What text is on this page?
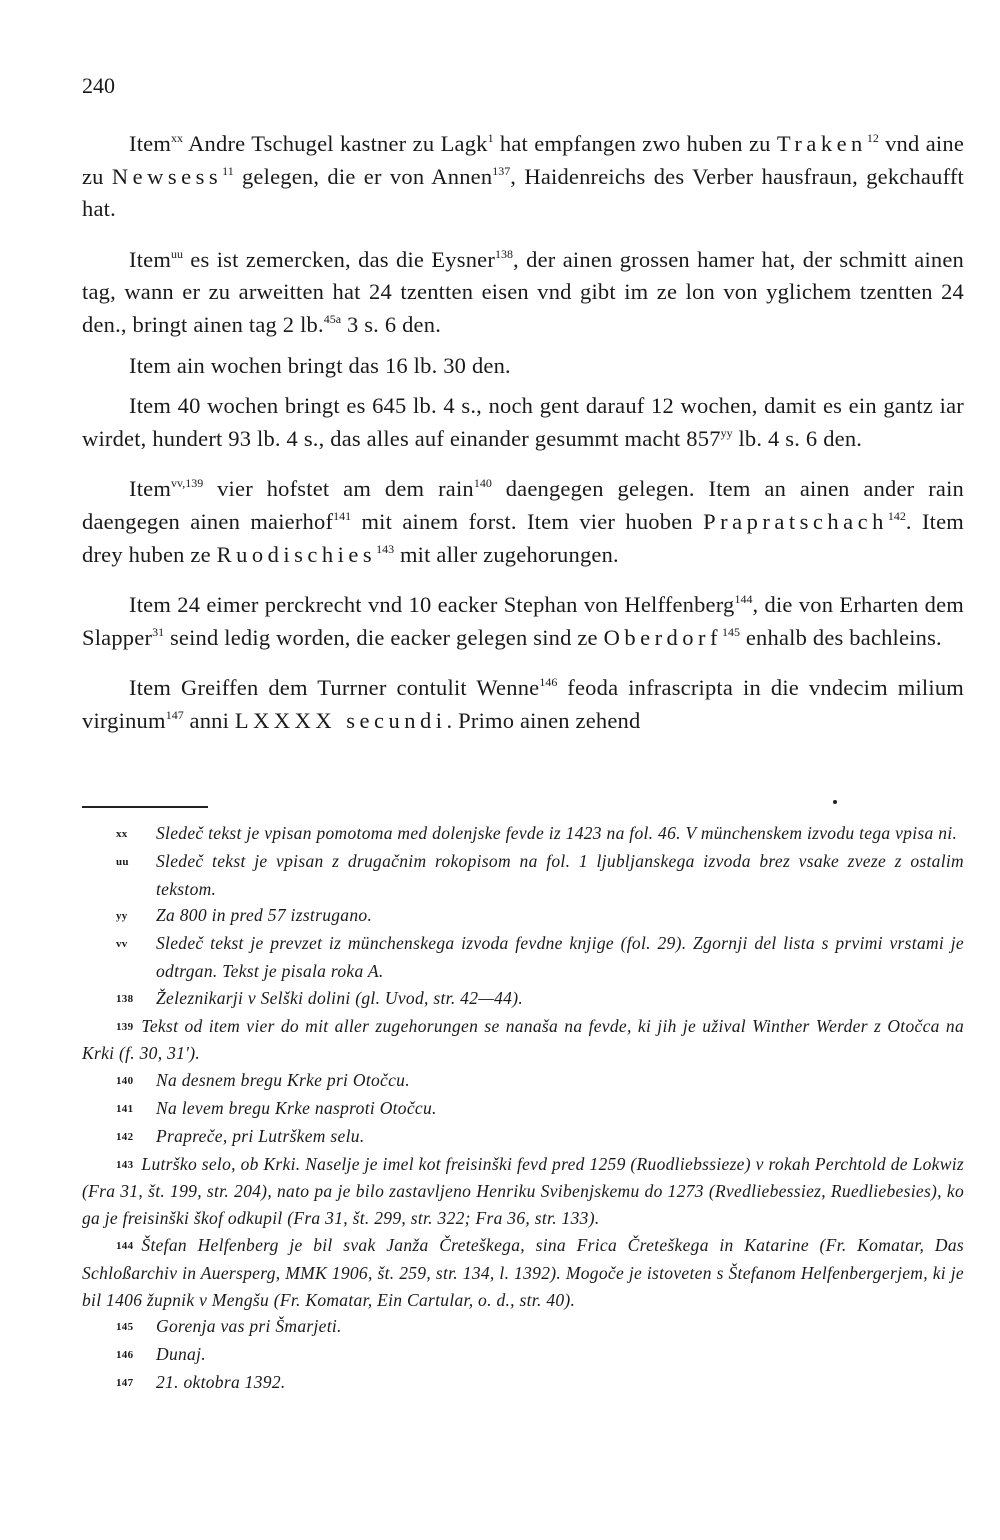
240

Item$^{xx}$ Andre Tschugel kastner zu Lagk$^1$ hat empfangen zwo huben zu Traken$^{12}$ vnd aine zu Newsess$^{11}$ gelegen, die er von Annen$^{137}$, Haidenreichs des Verber hausfraun, gekchaufft hat.

Item$^{uu}$ es ist zemercken, das die Eysner$^{138}$, der ainen grossen hamer hat, der schmitt ainen tag, wann er zu arweitten hat 24 tzentten eisen vnd gibt im ze lon von yglichem tzentten 24 den., bringt ainen tag 2 lb.$^{45a}$ 3 s. 6 den.

Item ain wochen bringt das 16 lb. 30 den.

Item 40 wochen bringt es 645 lb. 4 s., noch gent darauf 12 wochen, damit es ein gantz iar wirdet, hundert 93 lb. 4 s., das alles auf einander gesummt macht $857^{yy}$ lb. 4 s. 6 den.

Item$^{vv,139}$ vier hofstet am dem rain$^{140}$ daengegen gelegen. Item an ainen ander rain daengegen ainen maierhof$^{141}$ mit ainem forst. Item vier huoben Prapratschach$^{142}$. Item drey huben ze Ruodischies$^{143}$ mit aller zugehorungen.

Item 24 eimer perckrecht vnd 10 eacker Stephan von Helffenberg$^{144}$, die von Erharten dem Slapper$^{31}$ seind ledig worden, die eacker gelegen sind ze Oberdorf$^{145}$ enhalb des bachleins.

Item Greiffen dem Turrner contulit Wenne$^{146}$ feoda infrascripta in die vndecim milium virginum$^{147}$ anni LXXXX secundi. Primo ainen zehend

xx Sledeč tekst je vpisan pomotoma med dolenjske fevde iz 1423 na fol. 46. V münchenskem izvodu tega vpisa ni.

uu Sledeč tekst je vpisan z drugačnim rokopisom na fol. 1 ljubljanskega izvoda brez vsake zveze z ostalim tekstom.

yy Za 800 in pred 57 izstrugano.

vv Sledeč tekst je prevzet iz münchenskega izvoda fevdne knjige (fol. 29). Zgornji del lista s prvimi vrstami je odtrgan. Tekst je pisala roka A.

138 Železnikarji v Selški dolini (gl. Uvod, str. 42—44).

139 Tekst od item vier do mit aller zugehorungen se nanaša na fevde, ki jih je užival Winther Werder z Otočca na Krki (f. 30, 31').

140 Na desnem bregu Krke pri Otočcu.

141 Na levem bregu Krke nasproti Otočcu.

142 Prapreče, pri Lutrškem selu.

143 Lutrško selo, ob Krki. Naselje je imel kot freisinški fevd pred 1259 (Ruodliebssieze) v rokah Perchtold de Lokwiz (Fra 31, št. 199, str. 204), nato pa je bilo zastavljeno Henriku Svibenjskemu do 1273 (Rvedliebessiez, Ruedliebesies), ko ga je freisinški škof odkupil (Fra 31, št. 299, str. 322; Fra 36, str. 133).

144 Štefan Helfenberg je bil svak Janža Čreteškega, sina Frica Čreteškega in Katarine (Fr. Komatar, Das Schloßarchiv in Auersperg, MMK 1906, št. 259, str. 134, l. 1392). Mogoče je istoveten s Štefanom Helfenbergerjem, ki je bil 1406 župnik v Mengšu (Fr. Komatar, Ein Cartular, o. d., str. 40).

145 Gorenja vas pri Šmarjeti.

146 Dunaj.

147 21. oktobra 1392.
